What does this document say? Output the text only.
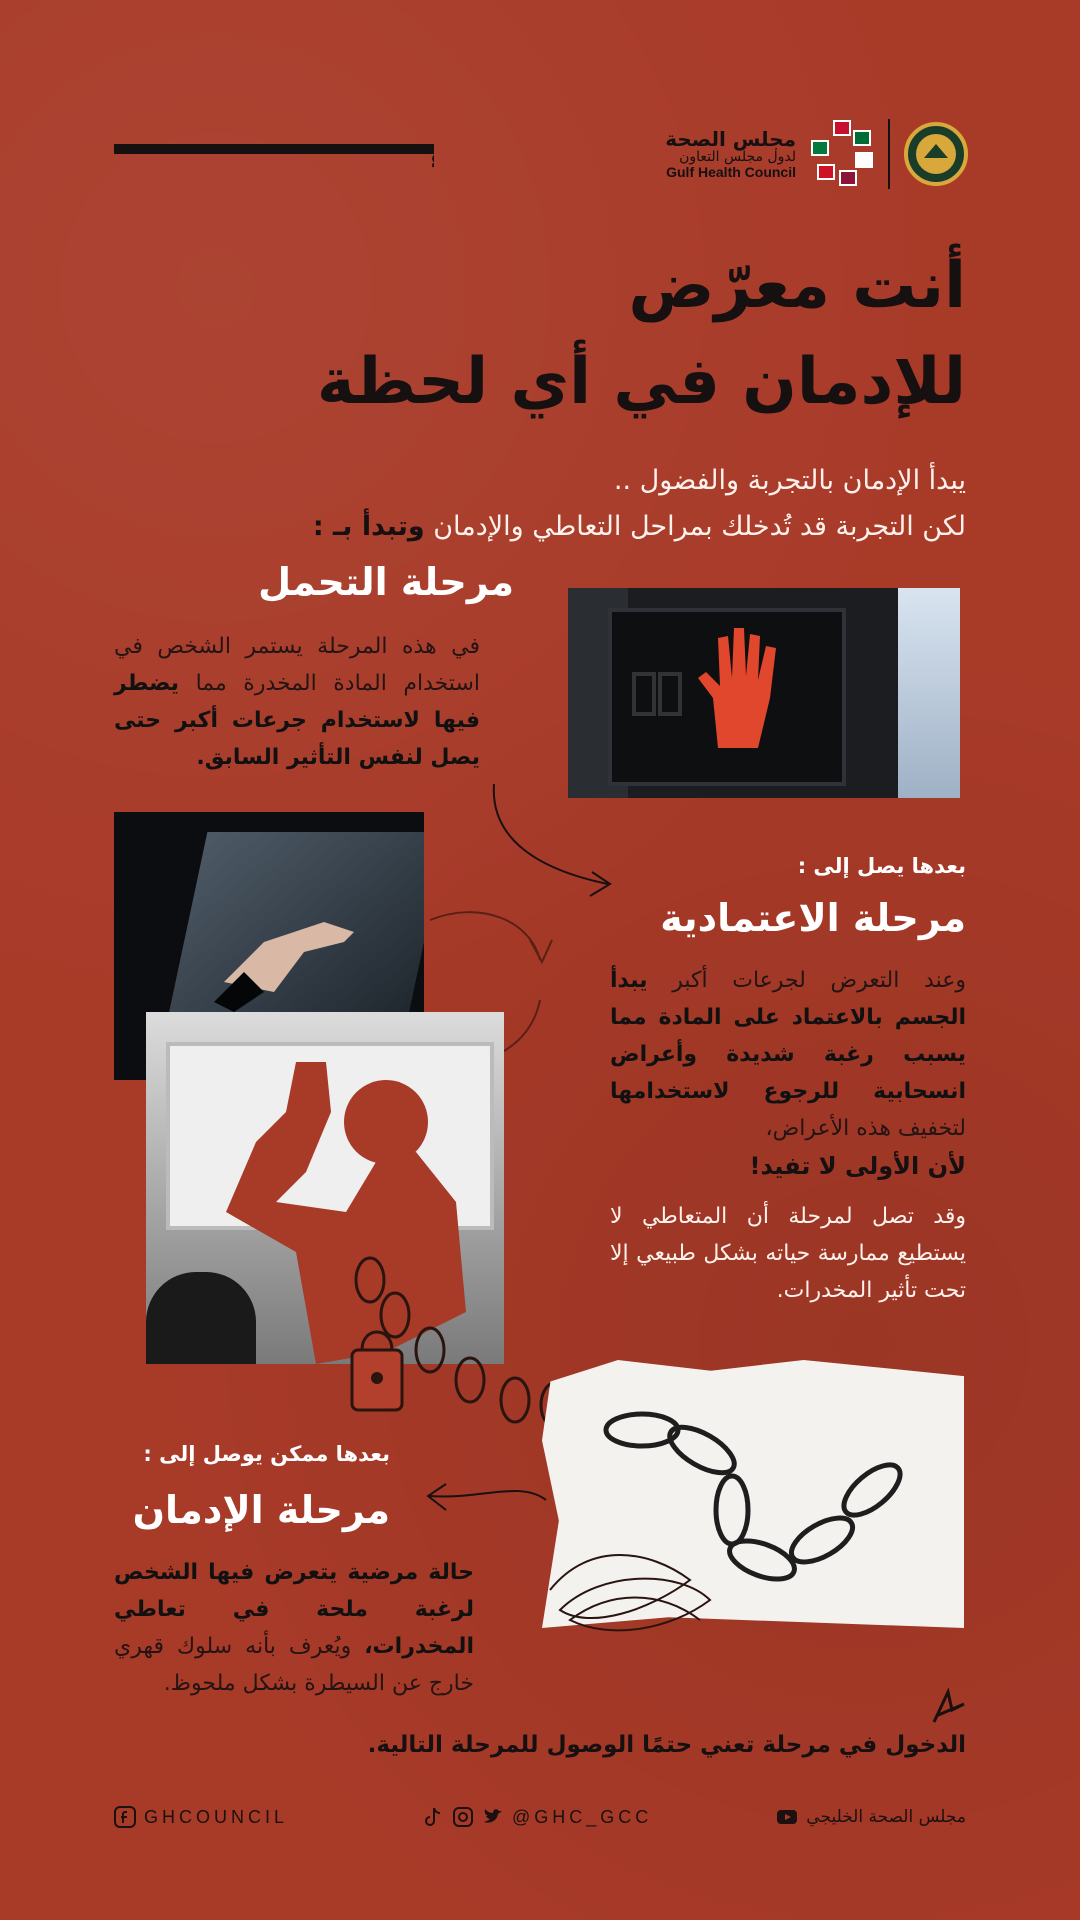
مجلس الصحة
لدول مجلس التعاون
Gulf Health Council
أنت معرّض
للإدمان في أي لحظة
يبدأ الإدمان بالتجربة والفضول ..
لكن التجربة قد تُدخلك بمراحل التعاطي والإدمان وتبدأ بـ :
مرحلة التحمل
في هذه المرحلة يستمر الشخص في استخدام المادة المخدرة مما يضطر فيها لاستخدام جرعات أكبر حتى يصل لنفس التأثير السابق.
بعدها يصل إلى :
مرحلة الاعتمادية
وعند التعرض لجرعات أكبر يبدأ الجسم بالاعتماد على المادة مما يسبب رغبة شديدة وأعراض انسحابية للرجوع لاستخدامها لتخفيف هذه الأعراض،
لأن الأولى لا تفيد!
وقد تصل لمرحلة أن المتعاطي لا يستطيع ممارسة حياته بشكل طبيعي إلا تحت تأثير المخدرات.
بعدها ممكن يوصل إلى :
مرحلة الإدمان
حالة مرضية يتعرض فيها الشخص لرغبة ملحة في تعاطي المخدرات، ويُعرف بأنه سلوك قهري خارج عن السيطرة بشكل ملحوظ.
الدخول في مرحلة تعني حتمًا الوصول للمرحلة التالية.
GHCOUNCIL	@GHC_GCC	مجلس الصحة الخليجي
